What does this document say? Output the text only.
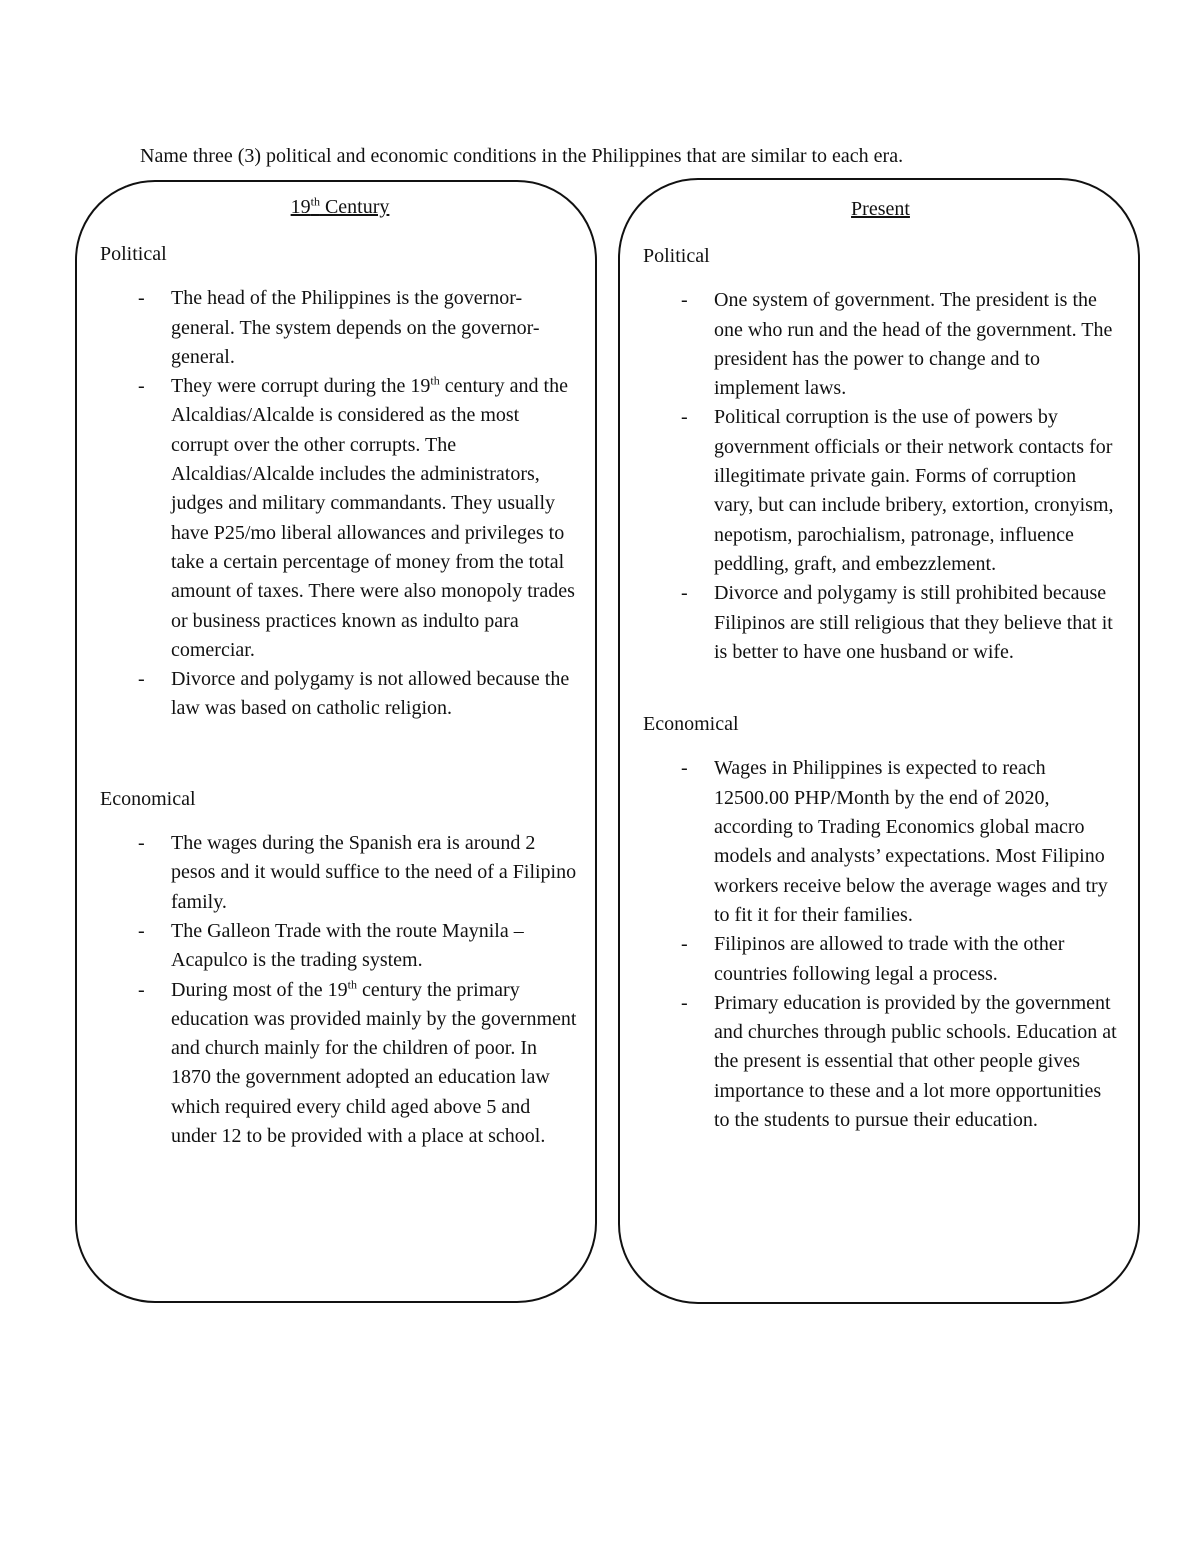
Name three (3) political and economic conditions in the Philippines that are similar to each era.
19th Century
Political
- The head of the Philippines is the governor-general. The system depends on the governor-general.
- They were corrupt during the 19th century and the Alcaldias/Alcalde is considered as the most corrupt over the other corrupts. The Alcaldias/Alcalde includes the administrators, judges and military commandants. They usually have P25/mo liberal allowances and privileges to take a certain percentage of money from the total amount of taxes. There were also monopoly trades or business practices known as indulto para comerciar.
- Divorce and polygamy is not allowed because the law was based on catholic religion.
Economical
- The wages during the Spanish era is around 2 pesos and it would suffice to the need of a Filipino family.
- The Galleon Trade with the route Maynila – Acapulco is the trading system.
- During most of the 19th century the primary education was provided mainly by the government and church mainly for the children of poor. In 1870 the government adopted an education law which required every child aged above 5 and under 12 to be provided with a place at school.
Present
Political
- One system of government. The president is the one who run and the head of the government. The president has the power to change and to implement laws.
- Political corruption is the use of powers by government officials or their network contacts for illegitimate private gain. Forms of corruption vary, but can include bribery, extortion, cronyism, nepotism, parochialism, patronage, influence peddling, graft, and embezzlement.
- Divorce and polygamy is still prohibited because Filipinos are still religious that they believe that it is better to have one husband or wife.
Economical
- Wages in Philippines is expected to reach 12500.00 PHP/Month by the end of 2020, according to Trading Economics global macro models and analysts’ expectations. Most Filipino workers receive below the average wages and try to fit it for their families.
- Filipinos are allowed to trade with the other countries following legal a process.
- Primary education is provided by the government and churches through public schools. Education at the present is essential that other people gives importance to these and a lot more opportunities to the students to pursue their education.
